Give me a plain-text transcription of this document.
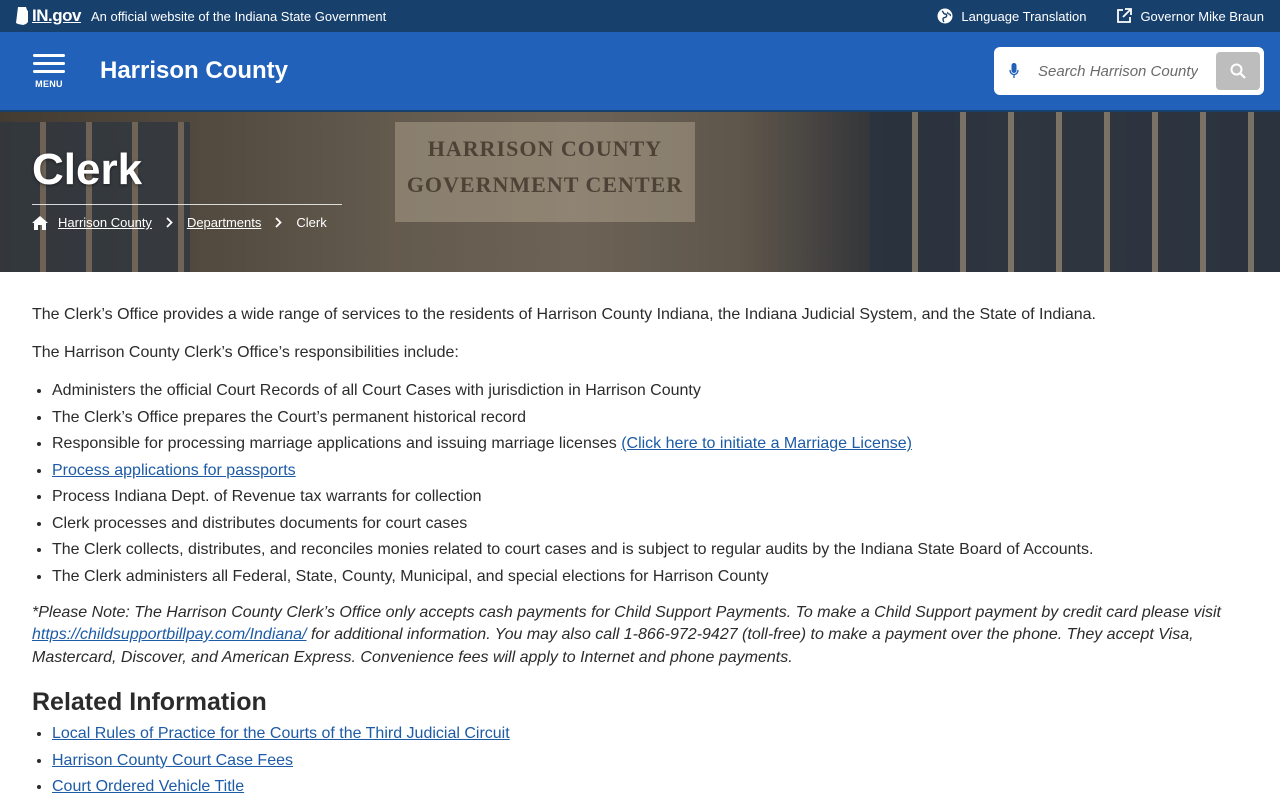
IN.gov An official website of the Indiana State Government	Language Translation	Governor Mike Braun
MENU Harrison County
Search Harrison County
HARRISON COUNTY
GOVERNMENT CENTER
Clerk
Harrison County	Departments	Clerk

The Clerk’s Office provides a wide range of services to the residents of Harrison County Indiana, the Indiana Judicial System, and the State of Indiana.

The Harrison County Clerk’s Office’s responsibilities include:

• Administers the official Court Records of all Court Cases with jurisdiction in Harrison County
• The Clerk’s Office prepares the Court’s permanent historical record
• Responsible for processing marriage applications and issuing marriage licenses (Click here to initiate a Marriage License)
• Process applications for passports
• Process Indiana Dept. of Revenue tax warrants for collection
• Clerk processes and distributes documents for court cases
• The Clerk collects, distributes, and reconciles monies related to court cases and is subject to regular audits by the Indiana State Board of Accounts.
• The Clerk administers all Federal, State, County, Municipal, and special elections for Harrison County

*Please Note: The Harrison County Clerk’s Office only accepts cash payments for Child Support Payments. To make a Child Support payment by credit card please visit https://childsupportbillpay.com/Indiana/ for additional information. You may also call 1-866-972-9427 (toll-free) to make a payment over the phone. They accept Visa, Mastercard, Discover, and American Express. Convenience fees will apply to Internet and phone payments.

Related Information
• Local Rules of Practice for the Courts of the Third Judicial Circuit
• Harrison County Court Case Fees
• Court Ordered Vehicle Title
